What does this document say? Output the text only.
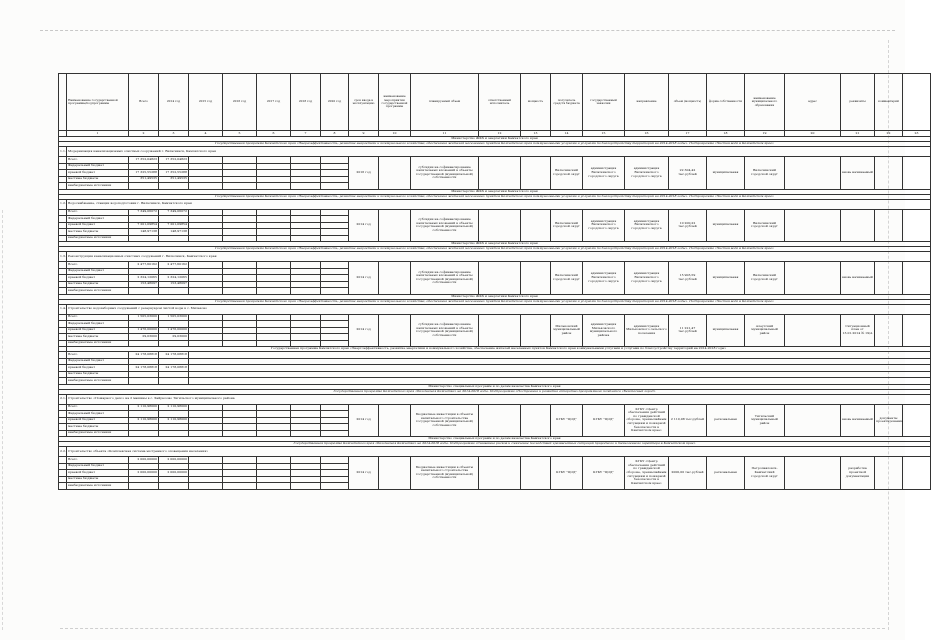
	Наименование государственной программы/подпрограммы	Всего	2014 год	2015 год	2016 год	2017 год	2018 год	2020 год	срок ввода в эксплуатацию	наименование мероприятия государственной программы	планируемый объем	ответственный исполнитель	мощность	получатель средств бюджета	государственный заказчик	направление	объем (мощность)	форма собственности	наименование муниципального образования	адрес	реквизиты	комментарий	
	1	2	3	4	5	6	7	8	9	10	11	12	13	14	15	16	17	18	19	20	21	22	23
Министерство ЖКХ и энергетики Камчатского края																							
Государственная программа Камчатского края «Энергоэффективность, развитие энергетики и коммунального хозяйства, обеспечение жителей населенных пунктов Камчатского края коммунальными услугами и услугами по благоустройству территорий на 2014-2018 годы». Подпрограмма «Чистая вода в Камчатском крае»																							
1.1.	Модернизация канализационных очистных сооружений г. Вилючинск, Камчатского края																						
	Всего	17 352,04823	17 352,04823						2016 год		субсидии на софинансирование капитальных вложений в объекты государственной (муниципальной) собственности			Вилючинский городской округ	администрация Вилючинского городского округа	администрация Вилючинского городского округа	22 304,42 тыс.рублей	муниципальная	Вилючинский городской округ		вновь начинаемый		
	Федеральный бюджет																						
	краевой бюджет	17 325,55288	17 352,55288																				
	местные бюджеты	351,49535	351,49535																				
	внебюджетные источники																						
Министерство ЖКХ и энергетики Камчатского края																							
Государственная программа Камчатского края «Энергоэффективность, развитие энергетики и коммунального хозяйства, обеспечение жителей населенных пунктов Камчатского края коммунальными услугами и услугами по благоустройству территорий на 2014-2018 годы». Подпрограмма «Чистая вода в Камчатском крае»																							
1.2.	Водоснабжение, станции водоподготовки г. Вилючинск, Камчатского края																						
	Всего	7 349,06072	7 349,06072						2014 год		субсидии на софинансирование капитальных вложений в объекты государственной (муниципальной) собственности			Вилючинский городской округ	администрация Вилючинского городского округа	администрация Вилючинского городского округа	10 200,22 тыс.рублей	муниципальная	Вилючинский городской округ				
	Федеральный бюджет																						
	краевой бюджет	7 201,09854	7 201,09854																				
	местные бюджеты	148,97138	148,97138																				
	внебюджетные источники																						
Министерство ЖКХ и энергетики Камчатского края																							
Государственная программа Камчатского края «Энергоэффективность, развитие энергетики и коммунального хозяйства, обеспечение жителей населенных пунктов Камчатского края коммунальными услугами и услугами по благоустройству территорий на 2014-2018 годы». Подпрограмма «Чистая вода в Камчатском крае»																							
1.3.	Реконструкция канализационных очистных сооружений г. Вилючинск, Камчатского края																						
	Всего	2 477,60162	2 477,60162						2014 год		субсидии на софинансирование капитальных вложений в объекты государственной (муниципальной) собственности			Вилючинский городской округ	администрация Вилючинского городского округа	администрация Вилючинского городского округа	15 903,59 тыс.рублей	муниципальная	Вилючинский городской округ		вновь начинаемый		
	Федеральный бюджет																						
	краевой бюджет	2 324,12065	2 324,12065																				
	местные бюджеты	153,48097	153,48097																				
	внебюджетные источники																						
Министерство ЖКХ и энергетики Камчатского края																							
Государственная программа Камчатского края «Энергоэффективность, развитие энергетики и коммунального хозяйства, обеспечение жителей населенных пунктов Камчатского края коммунальными услугами и услугами по благоустройству территорий на 2014-2018 годы». Подпрограмма «Чистая вода в Камчатском крае»																							
1.4.	Строительство водозаборных сооружений с резервуаром чистой воды в с. Мильково																						
	Всего	1 505,03000	1 505,03000						2014 год		субсидии на софинансирование капитальных вложений в объекты государственной (муниципальной) собственности			Мильковский муниципальный район	администрация Мильковского муниципального района	администрация Мильковского сельского поселения	11 221,47 тыс.рублей	муниципальная	Алеутский муниципальный район		Ситуационный план от 13.01.2014 № 19/А		
	Федеральный бюджет																						
	краевой бюджет	1 476,00000	1 476,00000																				
	местные бюджеты	29,03000	29,03000																				
	внебюджетные источники																						
	Государственная программа Камчатского края «Энергоэффективность, развитие энергетики и коммунального хозяйства, обеспечение жителей населенных пунктов Камчатского края коммунальными услугами и услугами по благоустройству территорий на 2014-2018 годы»																						
	Всего	24 178,08818	24 178,08818																				
	Федеральный бюджет																						
	краевой бюджет	24 178,08818	24 178,08818																				
	местные бюджеты																						
	внебюджетные источники																						
Министерство специальных программ и по делам казачества Камчатского края																							
Государственная программа Камчатского края «Безопасная Камчатка» на 2014-2018 годы. Подпрограмма «Построение и развитие аппаратно-программного комплекса «Безопасный город»																							
2.1.	Строительство «Пожарного депо» на 2 машины в с. Хайрюзово Тигильского муниципального района																						
	Всего	2 110,98000	2 110,98000						2014 год		Бюджетные инвестиции в объекты капитального строительства государственной (муниципальной) собственности			КГКУ "ЦОД"	КГКУ "ЦОД"	КГКУ «Центр обеспечения действий по гражданской обороне, чрезвычайным ситуациям и пожарной безопасности в Камчатском крае»	2 110,98 тыс.рублей	региональная	Тигильский муниципальный район		вновь начинаемый	документы проектирования	
	Федеральный бюджет																						
	краевой бюджет	2 110,98000	2 110,98000																				
	местные бюджеты																						
	внебюджетные источники																						
Министерство специальных программ и по делам казачества Камчатского края																							
Государственная программа Камчатского края «Безопасная Камчатка» на 2014-2018 годы. Подпрограмма «Снижение рисков и смягчение последствий чрезвычайных ситуаций природного и техногенного характера в Камчатском крае»																							
2.2.	Строительство объекта «Комплексная система экстренного оповещения населения»																						
	Всего	2 000,00000	2 000,00000						2014 год		Бюджетные инвестиции в объекты капитального строительства государственной (муниципальной) собственности			КГКУ "ЦОД"	КГКУ "ЦОД"	КГКУ «Центр обеспечения действий по гражданской обороне, чрезвычайным ситуациям и пожарной безопасности в Камчатском крае»	2000,00 тыс.рублей	региональная	Петропавловск-Камчатский городской округ		разработка проектной документации		
	Федеральный бюджет																						
	краевой бюджет	2 000,00000	2 000,00000																				
	местные бюджеты																						
	внебюджетные источники																						
